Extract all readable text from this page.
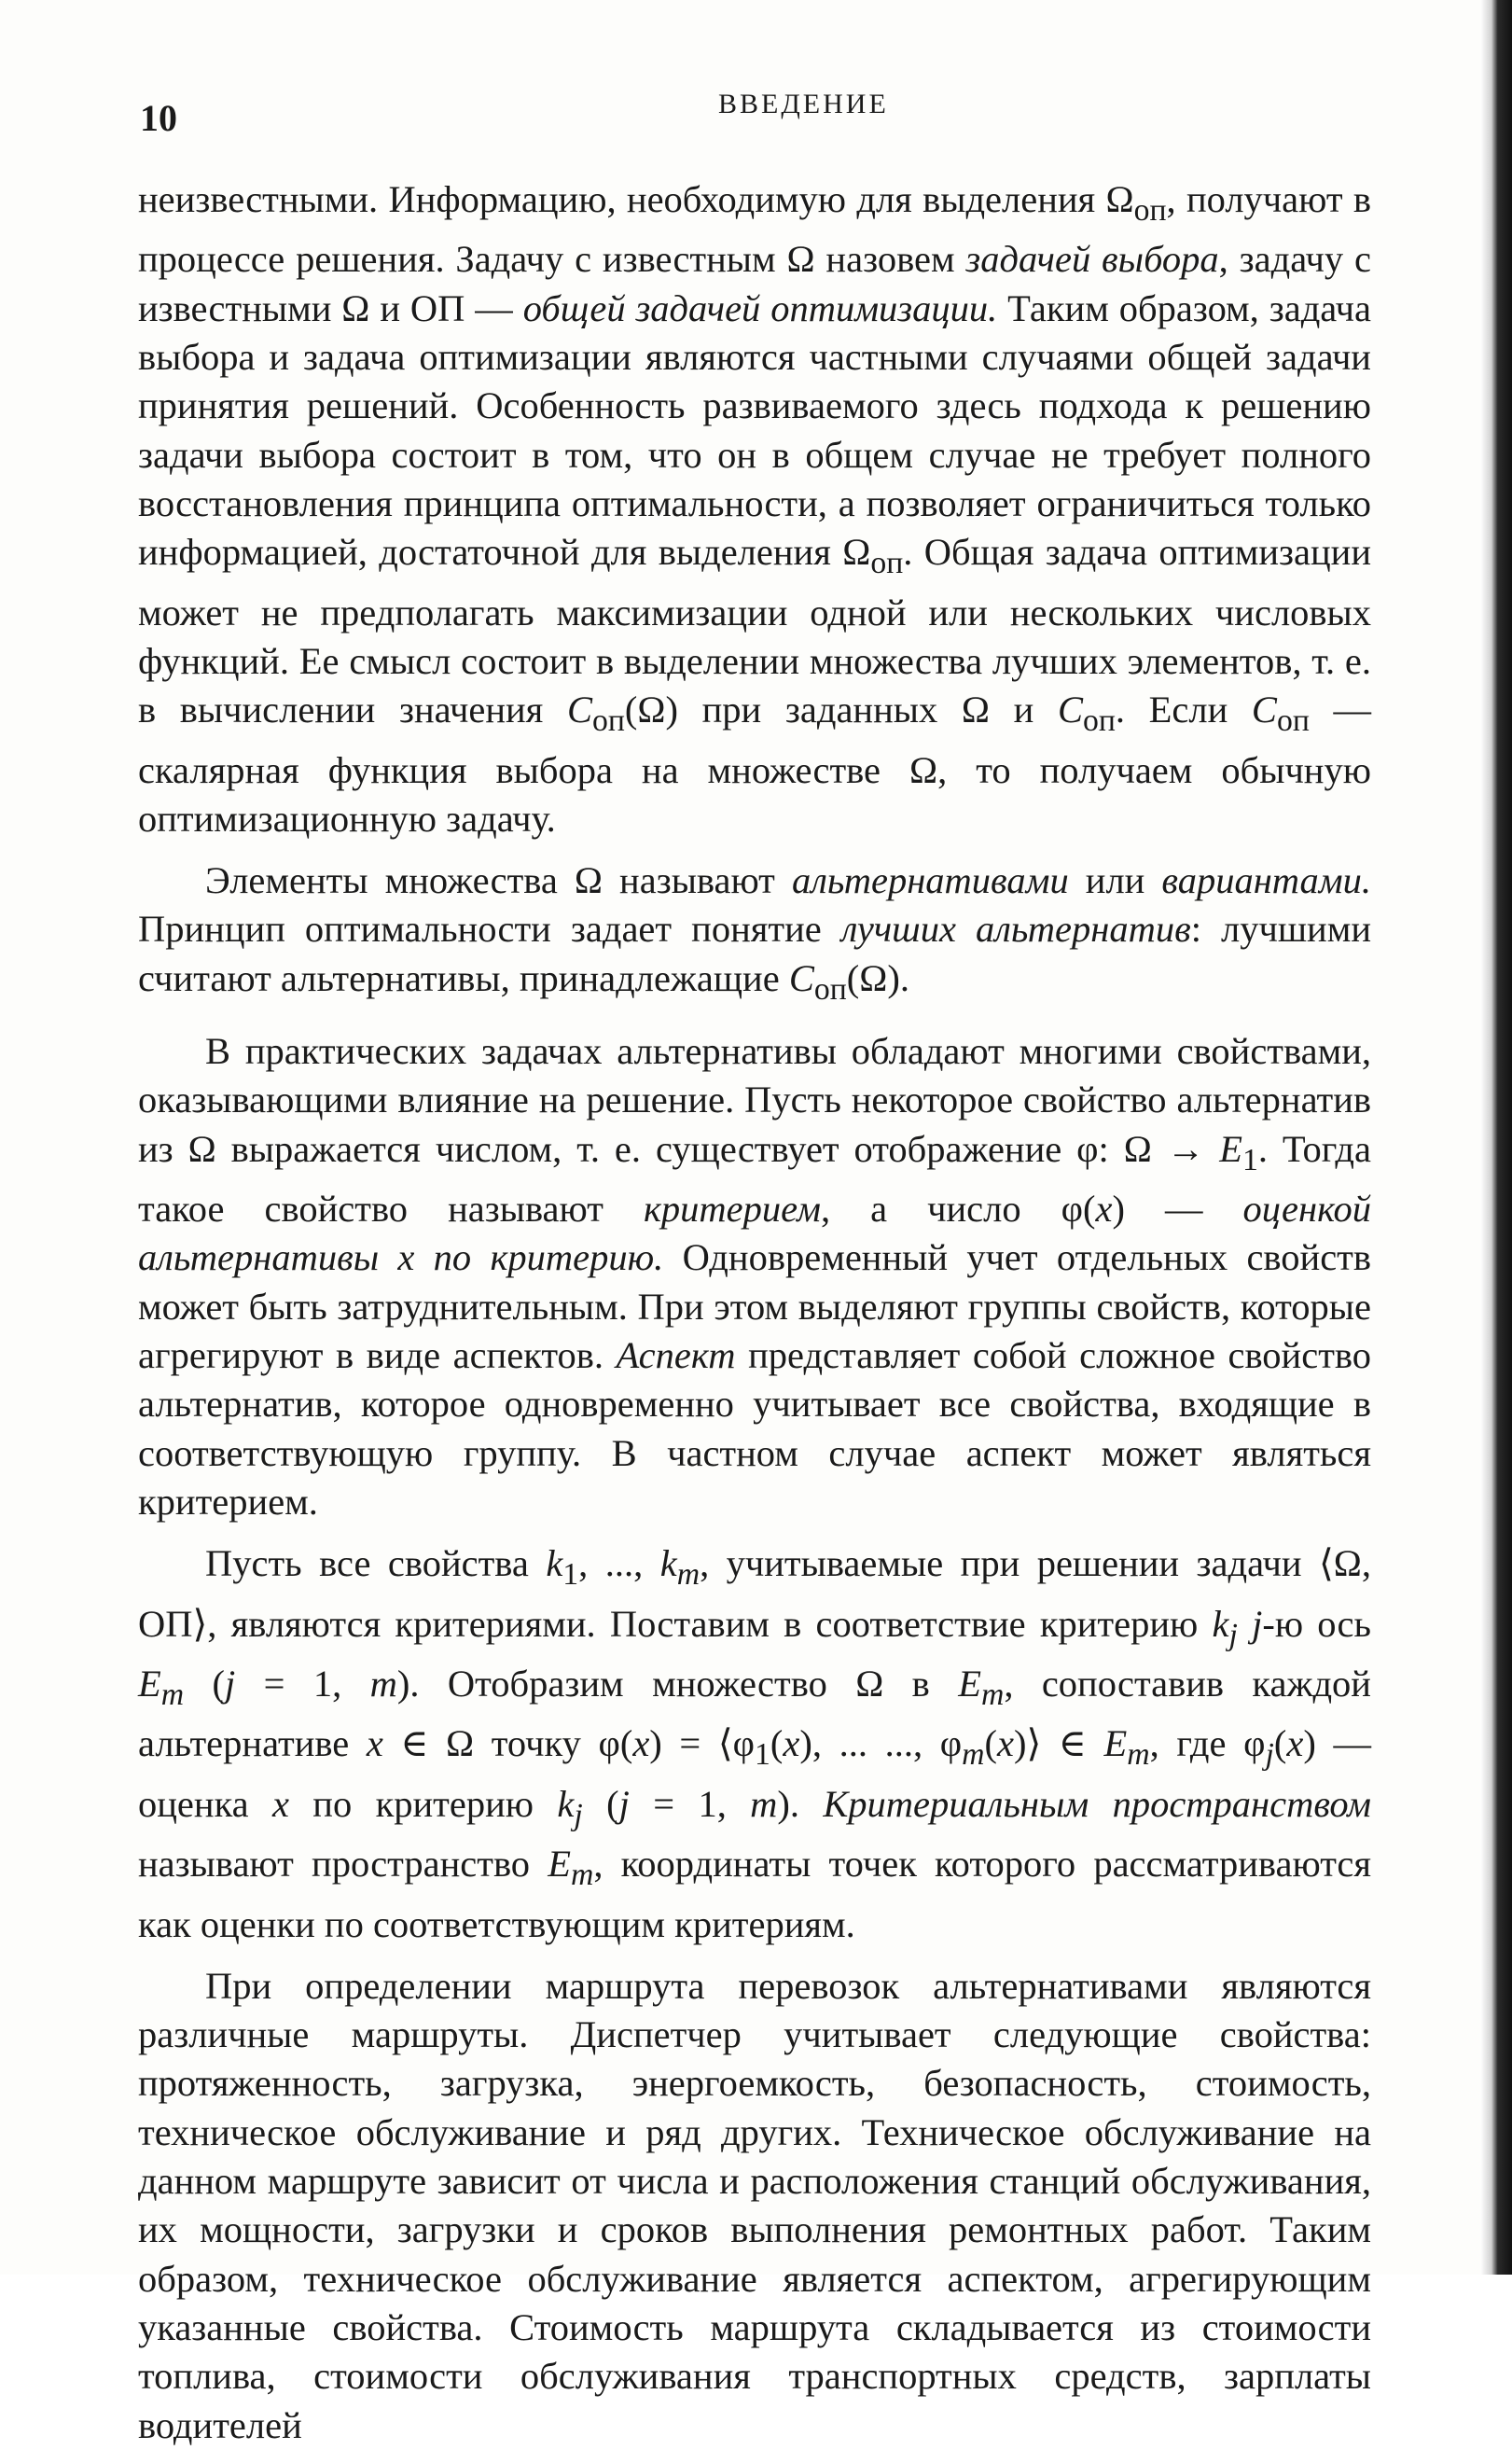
10	ВВЕДЕНИЕ

неизвестными. Информацию, необходимую для выделения $\Omega_{оп}$, получают в процессе решения. Задачу с известным Ω назовем задачей выбора, задачу с известными Ω и ОП — общей задачей оптимизации. Таким образом, задача выбора и задача оптимизации являются частными случаями общей задачи принятия решений. Особенность развиваемого здесь подхода к решению задачи выбора состоит в том, что он в общем случае не требует полного восстановления принципа оптимальности, а позволяет ограничиться только информацией, достаточной для выделения $\Omega_{оп}$. Общая задача оптимизации может не предполагать максимизации одной или нескольких числовых функций. Ее смысл состоит в выделении множества лучших элементов, т. е. в вычислении значения $C_{оп}(\Omega)$ при заданных Ω и $C_{оп}$. Если $C_{оп}$ — скалярная функция выбора на множестве Ω, то получаем обычную оптимизационную задачу.

Элементы множества Ω называют альтернативами или вариантами. Принцип оптимальности задает понятие лучших альтернатив: лучшими считают альтернативы, принадлежащие $C_{оп}(\Omega)$.

В практических задачах альтернативы обладают многими свойствами, оказывающими влияние на решение. Пусть некоторое свойство альтернатив из Ω выражается числом, т. е. существует отображение φ: $\Omega \to E_1$. Тогда такое свойство называют критерием, а число φ(x) — оценкой альтернативы x по критерию. Одновременный учет отдельных свойств может быть затруднительным. При этом выделяют группы свойств, которые агрегируют в виде аспектов. Аспект представляет собой сложное свойство альтернатив, которое одновременно учитывает все свойства, входящие в соответствующую группу. В частном случае аспект может являться критерием.

Пусть все свойства $k_1$, ..., $k_m$, учитываемые при решении задачи ⟨Ω, ОП⟩, являются критериями. Поставим в соответствие критерию $k_j$ j-ю ось $E_m$ (j = 1, m). Отобразим множество Ω в $E_m$, сопоставив каждой альтернативе x ∈ Ω точку $\varphi(x) = ⟨\varphi_1(x)$, ... ..., $\varphi_m(x)⟩$ ∈ $E_m$, где $\varphi_j(x)$ — оценка x по критерию $k_j$ (j = 1, m). Критериальным пространством называют пространство $E_m$, координаты точек которого рассматриваются как оценки по соответствующим критериям.

При определении маршрута перевозок альтернативами являются различные маршруты. Диспетчер учитывает следующие свойства: протяженность, загрузка, энергоемкость, безопасность, стоимость, техническое обслуживание и ряд других. Техническое обслуживание на данном маршруте зависит от числа и расположения станций обслуживания, их мощности, загрузки и сроков выполнения ремонтных работ. Таким образом, техническое обслуживание является аспектом, агрегирующим указанные свойства. Стоимость маршрута складывается из стоимости топлива, стоимости обслуживания транспортных средств, зарплаты водителей
